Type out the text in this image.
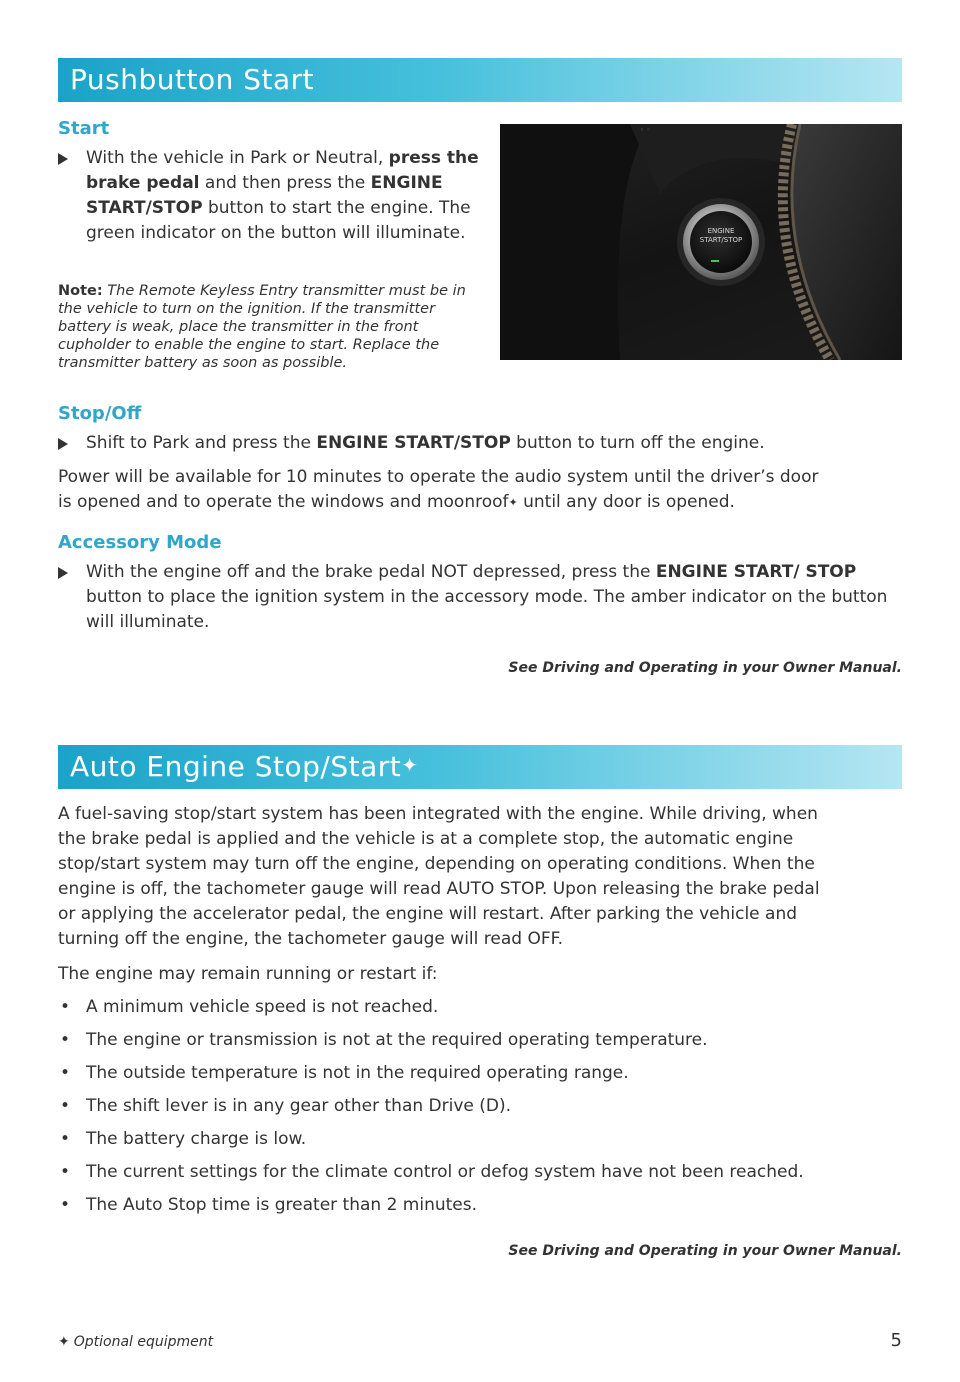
Pushbutton Start
Start
With the vehicle in Park or Neutral, press the brake pedal and then press the ENGINE START/STOP button to start the engine. The green indicator on the button will illuminate.
Note: The Remote Keyless Entry transmitter must be in the vehicle to turn on the ignition. If the transmitter battery is weak, place the transmitter in the front cupholder to enable the engine to start. Replace the transmitter battery as soon as possible.
◦ ◦
ENGINE
START/STOP
Stop/Off
Shift to Park and press the ENGINE START/STOP button to turn off the engine.
Power will be available for 10 minutes to operate the audio system until the driver’s door
is opened and to operate the windows and moonroof✦ until any door is opened.
Accessory Mode
With the engine off and the brake pedal NOT depressed, press the ENGINE START/ STOP button to place the ignition system in the accessory mode. The amber indicator on the button will illuminate.
See Driving and Operating in your Owner Manual.
Auto Engine Stop/Start✦
A fuel-saving stop/start system has been integrated with the engine. While driving, when
the brake pedal is applied and the vehicle is at a complete stop, the automatic engine
stop/start system may turn off the engine, depending on operating conditions. When the
engine is off, the tachometer gauge will read AUTO STOP. Upon releasing the brake pedal
or applying the accelerator pedal, the engine will restart. After parking the vehicle and
turning off the engine, the tachometer gauge will read OFF.
The engine may remain running or restart if:
• A minimum vehicle speed is not reached.
• The engine or transmission is not at the required operating temperature.
• The outside temperature is not in the required operating range.
• The shift lever is in any gear other than Drive (D).
• The battery charge is low.
• The current settings for the climate control or defog system have not been reached.
• The Auto Stop time is greater than 2 minutes.
See Driving and Operating in your Owner Manual.
✦ Optional equipment	5
